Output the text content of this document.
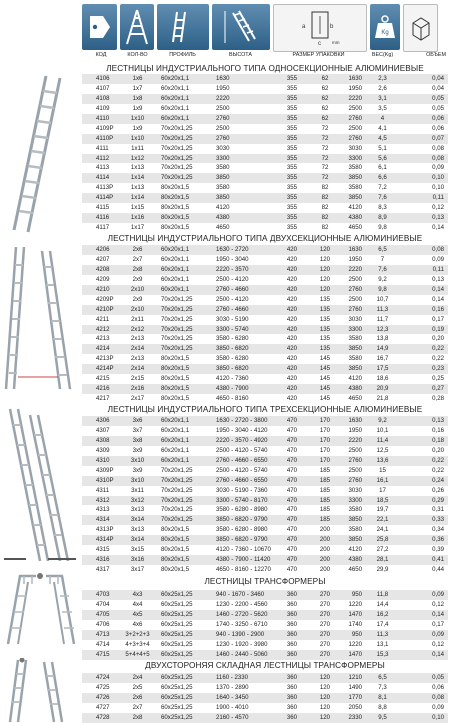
a	b
c mm
Kg
КОД	КОЛ-ВО	ПРОФИЛЬ	ВЫСОТА	РАЗМЕР УПАКОВКИ	ВЕС(Kg)	ОБЪЕМ
ЛЕСТНИЦЫ ИНДУСТРИАЛЬНОГО ТИПА ОДНОСЕКЦИОННЫЕ АЛЮМИНИЕВЫЕ
4106	1x6	60x20x1,1	1630	355	62	1630	2,3	0,04
4107	1x7	60x20x1,1	1950	355	62	1950	2,6	0,04
4108	1x8	60x20x1,1	2220	355	62	2220	3,1	0,05
4109	1x9	60x20x1,1	2500	355	62	2500	3,5	0,05
4110	1x10	60x20x1,1	2760	355	62	2760	4	0,06
4109P	1x9	70x20x1,25	2500	355	72	2500	4,1	0,06
4110P	1x10	70x20x1,25	2760	355	72	2760	4,5	0,07
4111	1x11	70x20x1,25	3030	355	72	3030	5,1	0,08
4112	1x12	70x20x1,25	3300	355	72	3300	5,6	0,08
4113	1x13	70x20x1,25	3580	355	72	3580	6,1	0,09
4114	1x14	70x20x1,25	3850	355	72	3850	6,6	0,10
4113P	1x13	80x20x1,5	3580	355	82	3580	7,2	0,10
4114P	1x14	80x20x1,5	3850	355	82	3850	7,6	0,11
4115	1x15	80x20x1,5	4120	355	82	4120	8,3	0,12
4116	1x16	80x20x1,5	4380	355	82	4380	8,9	0,13
4117	1x17	80x20x1,5	4650	355	82	4650	9,8	0,14
ЛЕСТНИЦЫ ИНДУСТРИАЛЬНОГО ТИПА ДВУХСЕКЦИОННЫЕ АЛЮМИНИЕВЫЕ
4206	2x6	60x20x1,1	1630 - 2720	420	120	1630	6,5	0,08
4207	2x7	60x20x1,1	1950 - 3040	420	120	1950	7	0,09
4208	2x8	60x20x1,1	2220 - 3570	420	120	2220	7,6	0,11
4209	2x9	60x20x1,1	2500 - 4120	420	120	2500	9,2	0,13
4210	2x10	60x20x1,1	2760 - 4660	420	120	2760	9,8	0,14
4209P	2x9	70x20x1,25	2500 - 4120	420	135	2500	10,7	0,14
4210P	2x10	70x20x1,25	2760 - 4660	420	135	2760	11,3	0,16
4211	2x11	70x20x1,25	3030 - 5190	420	135	3030	11,7	0,17
4212	2x12	70x20x1,25	3300 - 5740	420	135	3300	12,3	0,19
4213	2x13	70x20x1,25	3580 - 6280	420	135	3580	13,8	0,20
4214	2x14	70x20x1,25	3850 - 6820	420	135	3850	14,9	0,22
4213P	2x13	80x20x1,5	3580 - 6280	420	145	3580	16,7	0,22
4214P	2x14	80x20x1,5	3850 - 6820	420	145	3850	17,5	0,23
4215	2x15	80x20x1,5	4120 - 7360	420	145	4120	18,6	0,25
4216	2x16	80x20x1,5	4380 - 7900	420	145	4380	20,9	0,27
4217	2x17	80x20x1,5	4650 - 8160	420	145	4650	21,8	0,28
ЛЕСТНИЦЫ ИНДУСТРИАЛЬНОГО ТИПА ТРЕХСЕКЦИОННЫЕ АЛЮМИНИЕВЫЕ
4306	3x6	60x20x1,1	1630 - 2720 - 3800	470	170	1630	9,2	0,13
4307	3x7	60x20x1,1	1950 - 3040 - 4120	470	170	1950	10,1	0,16
4308	3x8	60x20x1,1	2220 - 3570 - 4920	470	170	2220	11,4	0,18
4309	3x9	60x20x1,1	2500 - 4120 - 5740	470	170	2500	12,5	0,20
4310	3x10	60x20x1,1	2760 - 4660 - 6550	470	170	2760	13,6	0,22
4309P	3x9	70x20x1,25	2500 - 4120 - 5740	470	185	2500	15	0,22
4310P	3x10	70x20x1,25	2760 - 4660 - 6550	470	185	2760	16,1	0,24
4311	3x11	70x20x1,25	3030 - 5190 - 7360	470	185	3030	17	0,26
4312	3x12	70x20x1,25	3300 - 5740 - 8170	470	185	3300	18,5	0,29
4313	3x13	70x20x1,25	3580 - 6280 - 8980	470	185	3580	19,7	0,31
4314	3x14	70x20x1,25	3850 - 6820 - 9790	470	185	3850	22,1	0,33
4313P	3x13	80x20x1,5	3580 - 6280 - 8980	470	200	3580	24,1	0,34
4314P	3x14	80x20x1,5	3850 - 6820 - 9790	470	200	3850	25,8	0,36
4315	3x15	80x20x1,5	4120 - 7360 - 10670	470	200	4120	27,2	0,39
4316	3x16	80x20x1,5	4380 - 7900 - 11420	470	200	4380	28,1	0,41
4317	3x17	80x20x1,5	4650 - 8160 - 12270	470	200	4650	29,9	0,44
ЛЕСТНИЦЫ ТРАНСФОРМЕРЫ
4703	4x3	60x25x1,25	940 - 1670 - 3460	360	270	950	11,8	0,09
4704	4x4	60x25x1,25	1230 - 2200 - 4560	360	270	1220	14,4	0,12
4705	4x5	60x25x1,25	1460 - 2720 - 5620	360	270	1470	16,2	0,14
4706	4x6	60x25x1,25	1740 - 3250 - 6710	360	270	1740	17,4	0,17
4713	3+2+2+3	60x25x1,25	940 - 1390 - 2900	360	270	950	11,3	0,09
4714	4+3+3+4	60x25x1,25	1230 - 1920 - 3980	360	270	1220	13,1	0,12
4715	5+4+4+5	60x25x1,25	1460 - 2440 - 5060	360	270	1470	15,3	0,14
ДВУХСТОРОНЯЯ СКЛАДНАЯ ЛЕСТНИЦЫ ТРАНСФОРМЕРЫ
4724	2x4	60x25x1,25	1160 - 2330	360	120	1210	6,5	0,05
4725	2x5	60x25x1,25	1370 - 2890	360	120	1490	7,3	0,06
4726	2x6	60x25x1,25	1640 - 3450	360	120	1770	8,1	0,08
4727	2x7	60x25x1,25	1900 - 4010	360	120	2050	8,8	0,09
4728	2x8	60x25x1,25	2160 - 4570	360	120	2330	9,5	0,10
